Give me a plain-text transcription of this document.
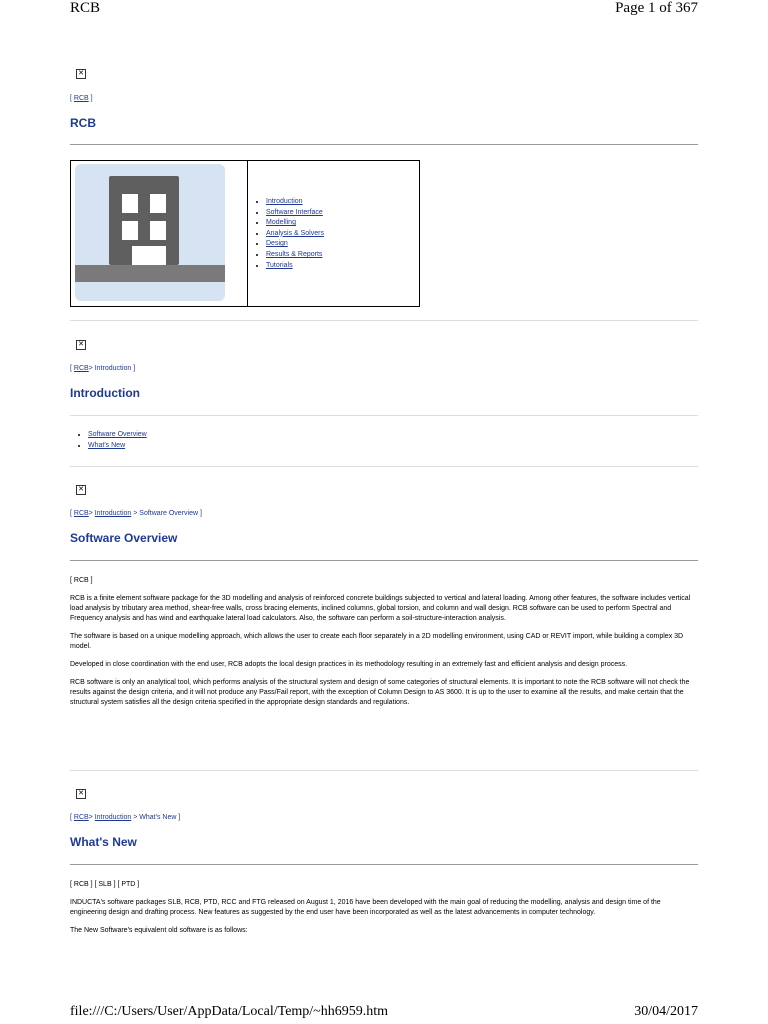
RCB	Page 1 of 367
✕
[ RCB ]
RCB
• Introduction
• Software Interface
• Modelling
• Analysis & Solvers
• Design
• Results & Reports
• Tutorials
✕
[ RCB> Introduction ]
Introduction
• Software Overview
• What's New
✕
[ RCB> Introduction > Software Overview ]
Software Overview

[ RCB ]

RCB is a finite element software package for the 3D modelling and analysis of reinforced concrete buildings subjected to vertical and lateral loading. Among other features, the software includes vertical load analysis by tributary area method, shear-free walls, cross bracing elements, inclined columns, global torsion, and column and wall design. RCB software can be used to perform Spectral and Frequency analysis and has wind and earthquake lateral load calculators. Also, the software can perform a soil-structure-interaction analysis.

The software is based on a unique modelling approach, which allows the user to create each floor separately in a 2D modelling environment, using CAD or REVIT import, while building a complex 3D model.

Developed in close coordination with the end user, RCB adopts the local design practices in its methodology resulting in an extremely fast and efficient analysis and design process.

RCB software is only an analytical tool, which performs analysis of the structural system and design of some categories of structural elements. It is important to note the RCB software will not check the results against the design criteria, and it will not produce any Pass/Fail report, with the exception of Column Design to AS 3600. It is up to the user to examine all the results, and make certain that the structural system satisfies all the design criteria specified in the appropriate design standards and regulations.

✕
[ RCB> Introduction > What's New ]
What's New

[ RCB ] [ SLB ] [ PTD ]

INDUCTA's software packages SLB, RCB, PTD, RCC and FTG released on August 1, 2016 have been developed with the main goal of reducing the modelling, analysis and design time of the engineering design and drafting process. New features as suggested by the end user have been incorporated as well as the latest advancements in computer technology.

The New Software's equivalent old software is as follows:

file:///C:/Users/User/AppData/Local/Temp/~hh6959.htm	30/04/2017
